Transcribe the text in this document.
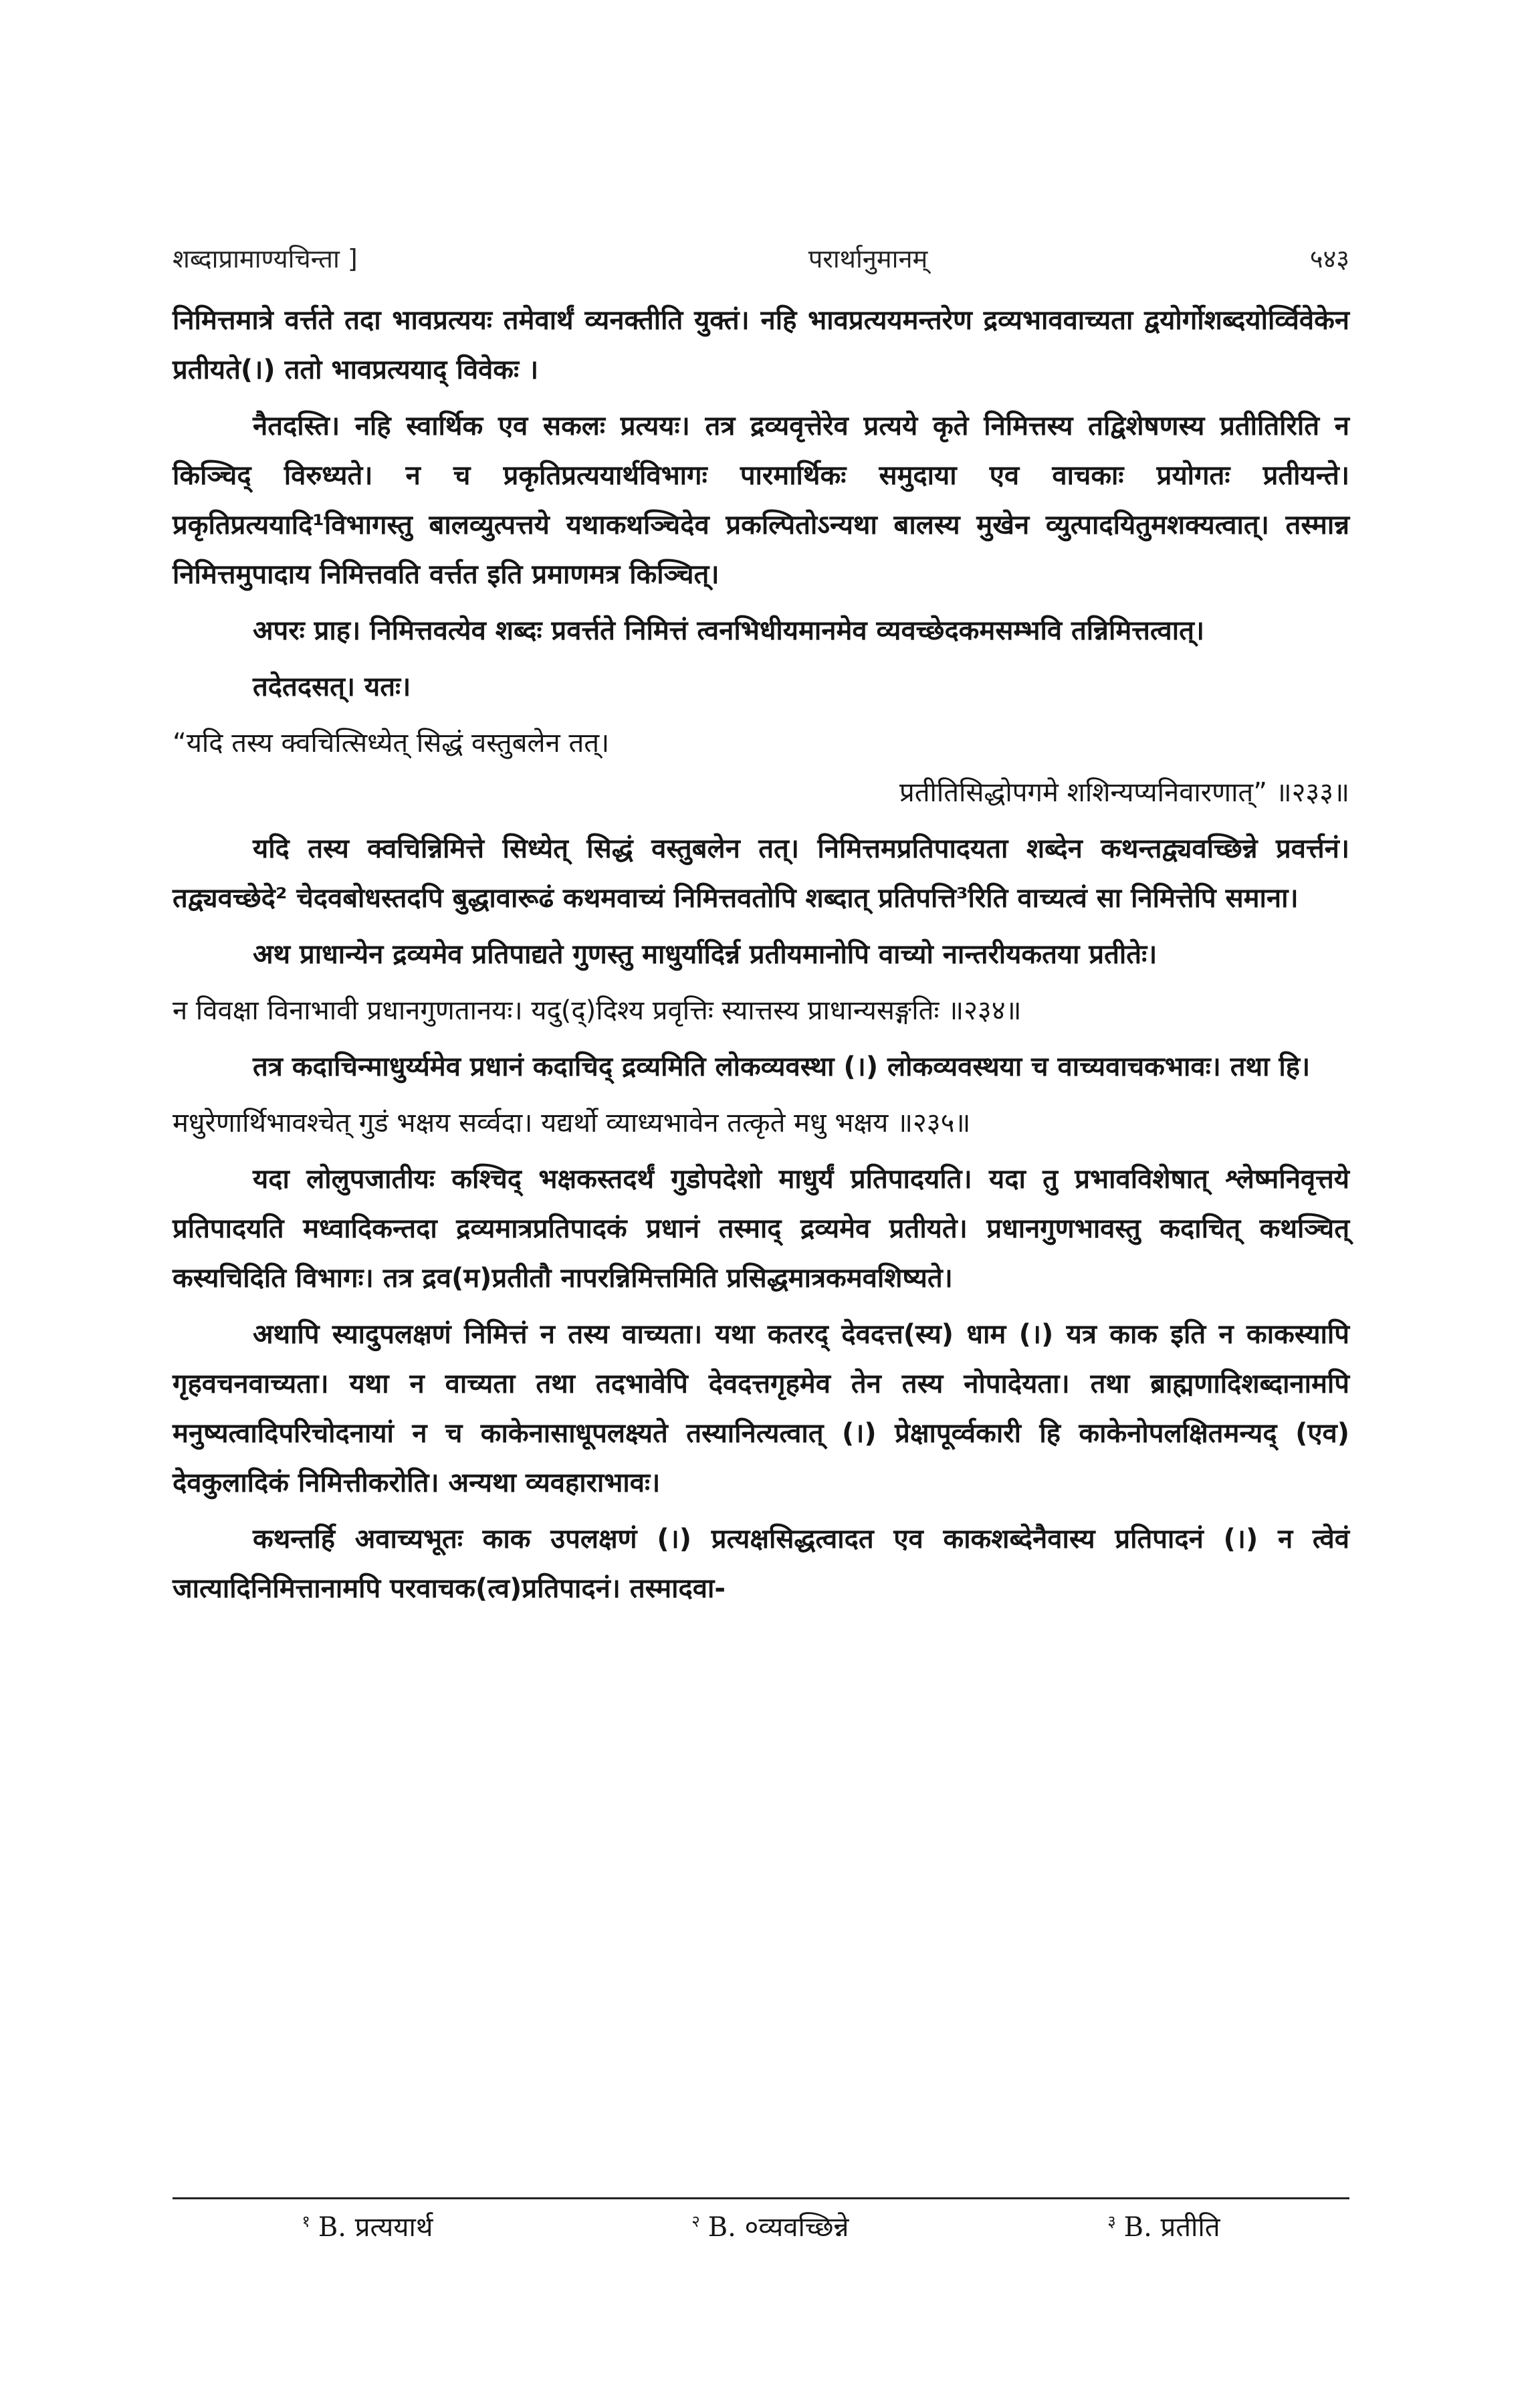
शब्दाप्रामाण्यचिन्ता ]	परार्थानुमानम्	५४३

निमित्तमात्रे वर्त्तते तदा भावप्रत्ययः तमेवार्थं व्यनक्तीति युक्तं। नहि भावप्रत्ययमन्तरेण द्रव्यभाववाच्यता द्वयोर्गोशब्दयोर्व्विवेकेन प्रतीयते(।) ततो भावप्रत्ययाद् विवेकः ।

नैतदस्ति। नहि स्वार्थिक एव सकलः प्रत्ययः। तत्र द्रव्यवृत्तेरेव प्रत्यये कृते निमित्तस्य तद्विशेषणस्य प्रतीतिरिति न किञ्चिद् विरुध्यते। न च प्रकृतिप्रत्ययार्थविभागः पारमार्थिकः समुदाया एव वाचकाः प्रयोगतः प्रतीयन्ते। प्रकृतिप्रत्ययादि¹विभागस्तु बालव्युत्पत्तये यथाकथञ्चिदेव प्रकल्पितोऽन्यथा बालस्य मुखेन व्युत्पादयितुमशक्यत्वात्। तस्मान्न निमित्तमुपादाय निमित्तवति वर्त्तत इति प्रमाणमत्र किञ्चित्।

अपरः प्राह। निमित्तवत्येव शब्दः प्रवर्त्तते निमित्तं त्वनभिधीयमानमेव व्यवच्छेदकमसम्भवि तन्निमित्तत्वात्।

तदेतदसत्। यतः।

“यदि तस्य क्वचित्सिध्येत् सिद्धं वस्तुबलेन तत्।
प्रतीतिसिद्धोपगमे शशिन्यप्यनिवारणात्” ॥२३३॥

यदि तस्य क्वचिन्निमित्ते सिध्येत् सिद्धं वस्तुबलेन तत्। निमित्तमप्रतिपादयता शब्देन कथन्तद्व्यवच्छिन्ने प्रवर्त्तनं। तद्व्यवच्छेदे² चेदवबोधस्तदपि बुद्धावारूढं कथमवाच्यं निमित्तवतोपि शब्दात् प्रतिपत्ति³रिति वाच्यत्वं सा निमित्तेपि समाना।

अथ प्राधान्येन द्रव्यमेव प्रतिपाद्यते गुणस्तु माधुर्यादिर्न्न प्रतीयमानोपि वाच्यो नान्तरीयकतया प्रतीतेः।

न विवक्षा विनाभावी प्रधानगुणतानयः। यदु(द्)दिश्य प्रवृत्तिः स्यात्तस्य प्राधान्यसङ्गतिः ॥२३४॥

तत्र कदाचिन्माधुर्य्यमेव प्रधानं कदाचिद् द्रव्यमिति लोकव्यवस्था (।) लोकव्यवस्थया च वाच्यवाचकभावः। तथा हि।

मधुरेणार्थिभावश्चेत् गुडं भक्षय सर्व्वदा। यद्यर्थो व्याध्यभावेन तत्कृते मधु भक्षय ॥२३५॥

यदा लोलुपजातीयः कश्चिद् भक्षकस्तदर्थं गुडोपदेशो माधुर्यं प्रतिपादयति। यदा तु प्रभावविशेषात् श्लेष्मनिवृत्तये प्रतिपादयति मध्वादिकन्तदा द्रव्यमात्रप्रतिपादकं प्रधानं तस्माद् द्रव्यमेव प्रतीयते। प्रधानगुणभावस्तु कदाचित् कथञ्चित् कस्यचिदिति विभागः। तत्र द्रव(म)प्रतीतौ नापरन्निमित्तमिति प्रसिद्धमात्रकमवशिष्यते।

अथापि स्यादुपलक्षणं निमित्तं न तस्य वाच्यता। यथा कतरद् देवदत्त(स्य) धाम (।) यत्र काक इति न काकस्यापि गृहवचनवाच्यता। यथा न वाच्यता तथा तदभावेपि देवदत्तगृहमेव तेन तस्य नोपादेयता। तथा ब्राह्मणादिशब्दानामपि मनुष्यत्वादिपरिचोदनायां न च काकेनासाधूपलक्ष्यते तस्यानित्यत्वात् (।) प्रेक्षापूर्व्वकारी हि काकेनोपलक्षितमन्यद् (एव) देवकुलादिकं निमित्तीकरोति। अन्यथा व्यवहाराभावः।

कथन्तर्हि अवाच्यभूतः काक उपलक्षणं (।) प्रत्यक्षसिद्धत्वादत एव काकशब्देनैवास्य प्रतिपादनं (।) न त्वेवं जात्यादिनिमित्तानामपि परवाचक(त्व)प्रतिपादनं। तस्मादवा-

$^१$ B. प्रत्ययार्थ	$^२$ B. ०व्यवच्छिन्ने	$^३$ B. प्रतीति
